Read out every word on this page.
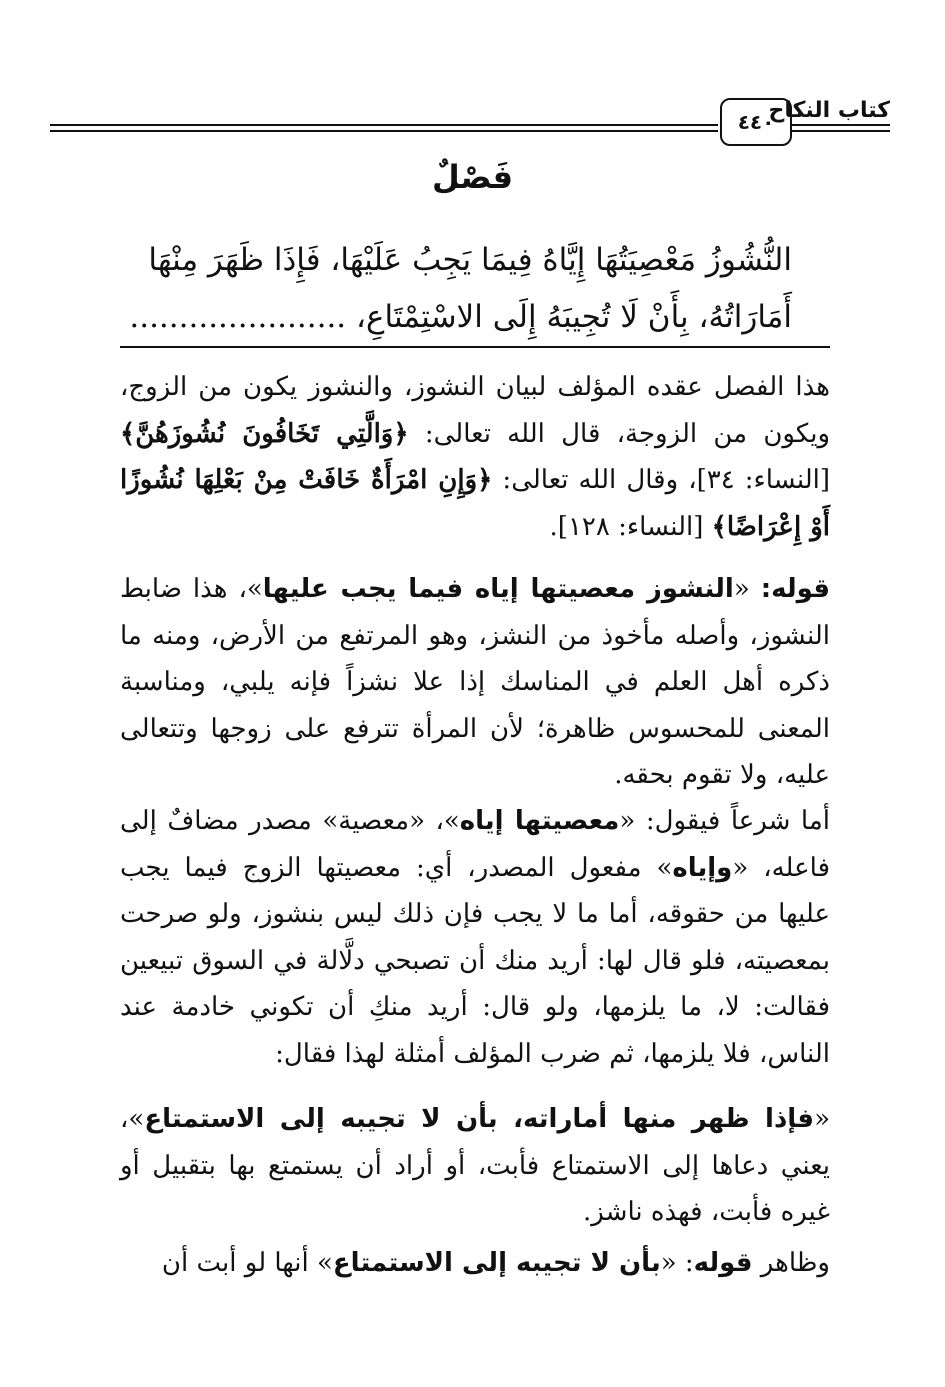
كتاب النكاح
٤٤٠
فَصْلٌ
النُّشُوزُ مَعْصِيَتُهَا إِيَّاهُ فِيمَا يَجِبُ عَلَيْهَا، فَإِذَا ظَهَرَ مِنْهَا
أَمَارَاتُهُ، بِأَنْ لَا تُجِيبَهُ إِلَى الاسْتِمْتَاعِ، ......................
هذا الفصل عقده المؤلف لبيان النشوز، والنشوز يكون من الزوج، ويكون من الزوجة، قال الله تعالى: ﴿وَالَّتِي تَخَافُونَ نُشُوزَهُنَّ﴾ [النساء: ٣٤]، وقال الله تعالى: ﴿وَإِنِ امْرَأَةٌ خَافَتْ مِنْ بَعْلِهَا نُشُوزًا أَوْ إِعْرَاضًا﴾ [النساء: ١٢٨].
قوله: «النشوز معصيتها إياه فيما يجب عليها»، هذا ضابط النشوز، وأصله مأخوذ من النشز، وهو المرتفع من الأرض، ومنه ما ذكره أهل العلم في المناسك إذا علا نشزاً فإنه يلبي، ومناسبة المعنى للمحسوس ظاهرة؛ لأن المرأة تترفع على زوجها وتتعالى عليه، ولا تقوم بحقه.
أما شرعاً فيقول: «معصيتها إياه»، «معصية» مصدر مضافٌ إلى فاعله، «وإياه» مفعول المصدر، أي: معصيتها الزوج فيما يجب عليها من حقوقه، أما ما لا يجب فإن ذلك ليس بنشوز، ولو صرحت بمعصيته، فلو قال لها: أريد منك أن تصبحي دلَّالة في السوق تبيعين فقالت: لا، ما يلزمها، ولو قال: أريد منكِ أن تكوني خادمة عند الناس، فلا يلزمها، ثم ضرب المؤلف أمثلة لهذا فقال:
«فإذا ظهر منها أماراته، بأن لا تجيبه إلى الاستمتاع»، يعني دعاها إلى الاستمتاع فأبت، أو أراد أن يستمتع بها بتقبيل أو غيره فأبت، فهذه ناشز.
وظاهر قوله: «بأن لا تجيبه إلى الاستمتاع» أنها لو أبت أن
